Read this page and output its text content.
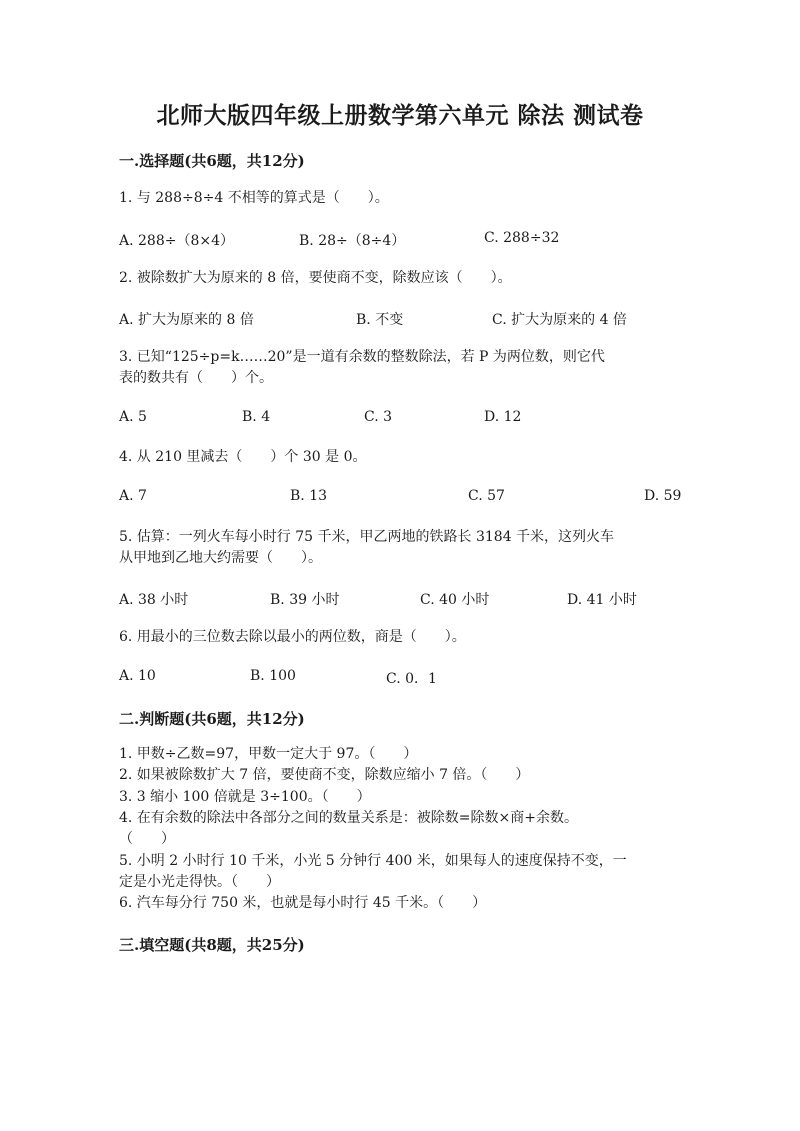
北师大版四年级上册数学第六单元 除法 测试卷
一.选择题(共6题，共12分)
1. 与 288÷8÷4 不相等的算式是（　　）。
A. 288÷（8×4）	B. 28÷（8÷4）	C. 288÷32
2. 被除数扩大为原来的 8 倍，要使商不变，除数应该（　　）。
A. 扩大为原来的 8 倍	B. 不变	C. 扩大为原来的 4 倍
3. 已知“125÷p=k……20”是一道有余数的整数除法，若 P 为两位数，则它代
表的数共有（　　）个。
A. 5	B. 4	C. 3	D. 12
4. 从 210 里减去（　　）个 30 是 0。
A. 7	B. 13	C. 57	D. 59
5. 估算：一列火车每小时行 75 千米，甲乙两地的铁路长 3184 千米，这列火车
从甲地到乙地大约需要（　　）。
A. 38 小时	B. 39 小时	C. 40 小时	D. 41 小时
6. 用最小的三位数去除以最小的两位数，商是（　　）。
A. 10	B. 100	C. 0．1
二.判断题(共6题，共12分)
1. 甲数÷乙数=97，甲数一定大于 97。（　　）
2. 如果被除数扩大 7 倍，要使商不变，除数应缩小 7 倍。（　　）
3. 3 缩小 100 倍就是 3÷100。（　　）
4. 在有余数的除法中各部分之间的数量关系是：被除数=除数×商+余数。
（　　）
5. 小明 2 小时行 10 千米，小光 5 分钟行 400 米，如果每人的速度保持不变，一
定是小光走得快。（　　）
6. 汽车每分行 750 米，也就是每小时行 45 千米。（　　）
三.填空题(共8题，共25分)
